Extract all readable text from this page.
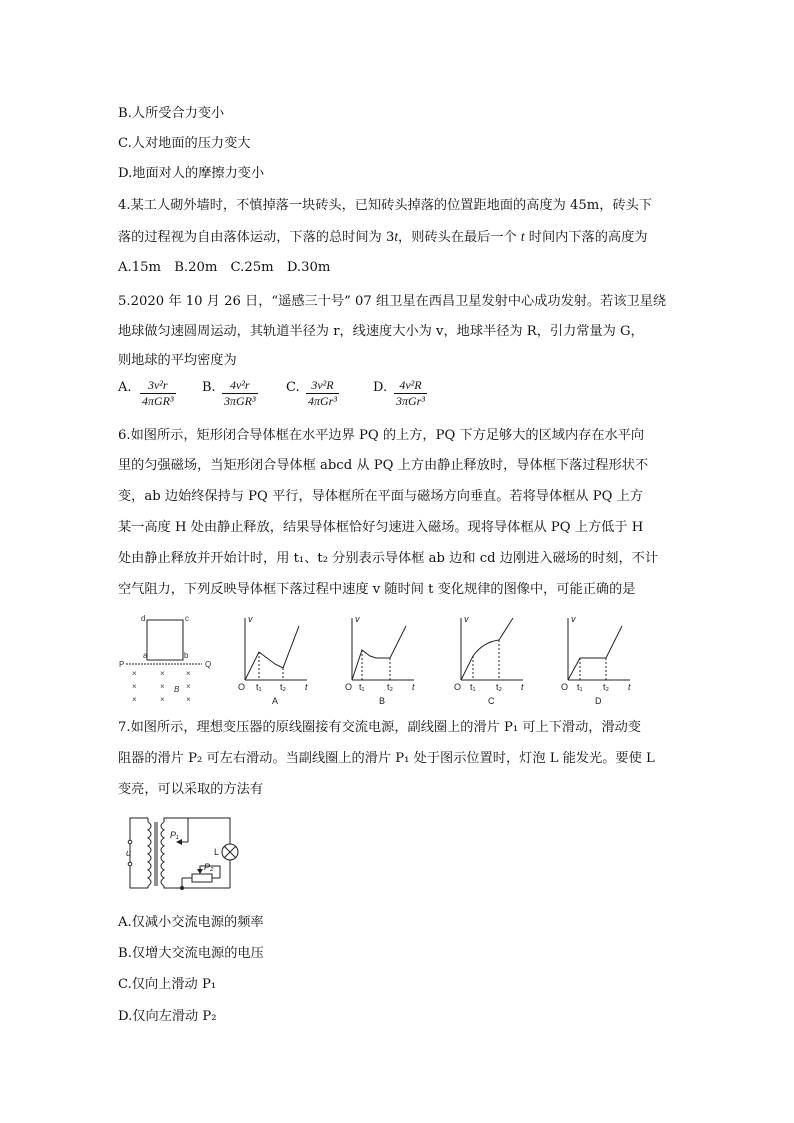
B.人所受合力变小
C.人对地面的压力变大
D.地面对人的摩擦力变小
4.某工人砌外墙时，不慎掉落一块砖头，已知砖头掉落的位置距地面的高度为 45m，砖头下
落的过程视为自由落体运动，下落的总时间为 3t，则砖头在最后一个 t 时间内下落的高度为
A.15m　B.20m　C.25m　D.30m
5.2020 年 10 月 26 日，“遥感三十号” 07 组卫星在西昌卫星发射中心成功发射。若该卫星绕
地球做匀速圆周运动，其轨道半径为 r，线速度大小为 v，地球半径为 R，引力常量为 G，
则地球的平均密度为
A.	3v²r
4πGR³
B.	4v²r
3πGR³
C. 3v²R
4πGr³
D.	4v²R
3πGr³
6.如图所示，矩形闭合导体框在水平边界 PQ 的上方，PQ 下方足够大的区域内存在水平向
里的匀强磁场，当矩形闭合导体框 abcd 从 PQ 上方由静止释放时，导体框下落过程形状不
变，ab 边始终保持与 PQ 平行，导体框所在平面与磁场方向垂直。若将导体框从 PQ 上方
某一高度 H 处由静止释放，结果导体框恰好匀速进入磁场。现将导体框从 PQ 上方低于 H
处由静止释放并开始计时，用 t₁、t₂ 分别表示导体框 ab 边和 cd 边刚进入磁场的时刻，不计
空气阻力，下列反映导体框下落过程中速度 v 随时间 t 变化规律的图像中，可能正确的是
d	c
a	b
P	Q
×	×	×
×	×	×
×	×	×
B	O
v
t₁ t₂ t
A
O
v
t₁ t₂ t
B
O
v
t₁ t₂ t
C
O
v
t₁ t₂ t
D
7.如图所示，理想变压器的原线圈接有交流电源，副线圈上的滑片 P₁ 可上下滑动，滑动变
阻器的滑片 P₂ 可左右滑动。当副线圈上的滑片 P₁ 处于图示位置时，灯泡 L 能发光。要使 L
变亮，可以采取的方法有
u
P₁
L
P₂
A.仅减小交流电源的频率
B.仅增大交流电源的电压
C.仅向上滑动 P₁
D.仅向左滑动 P₂
